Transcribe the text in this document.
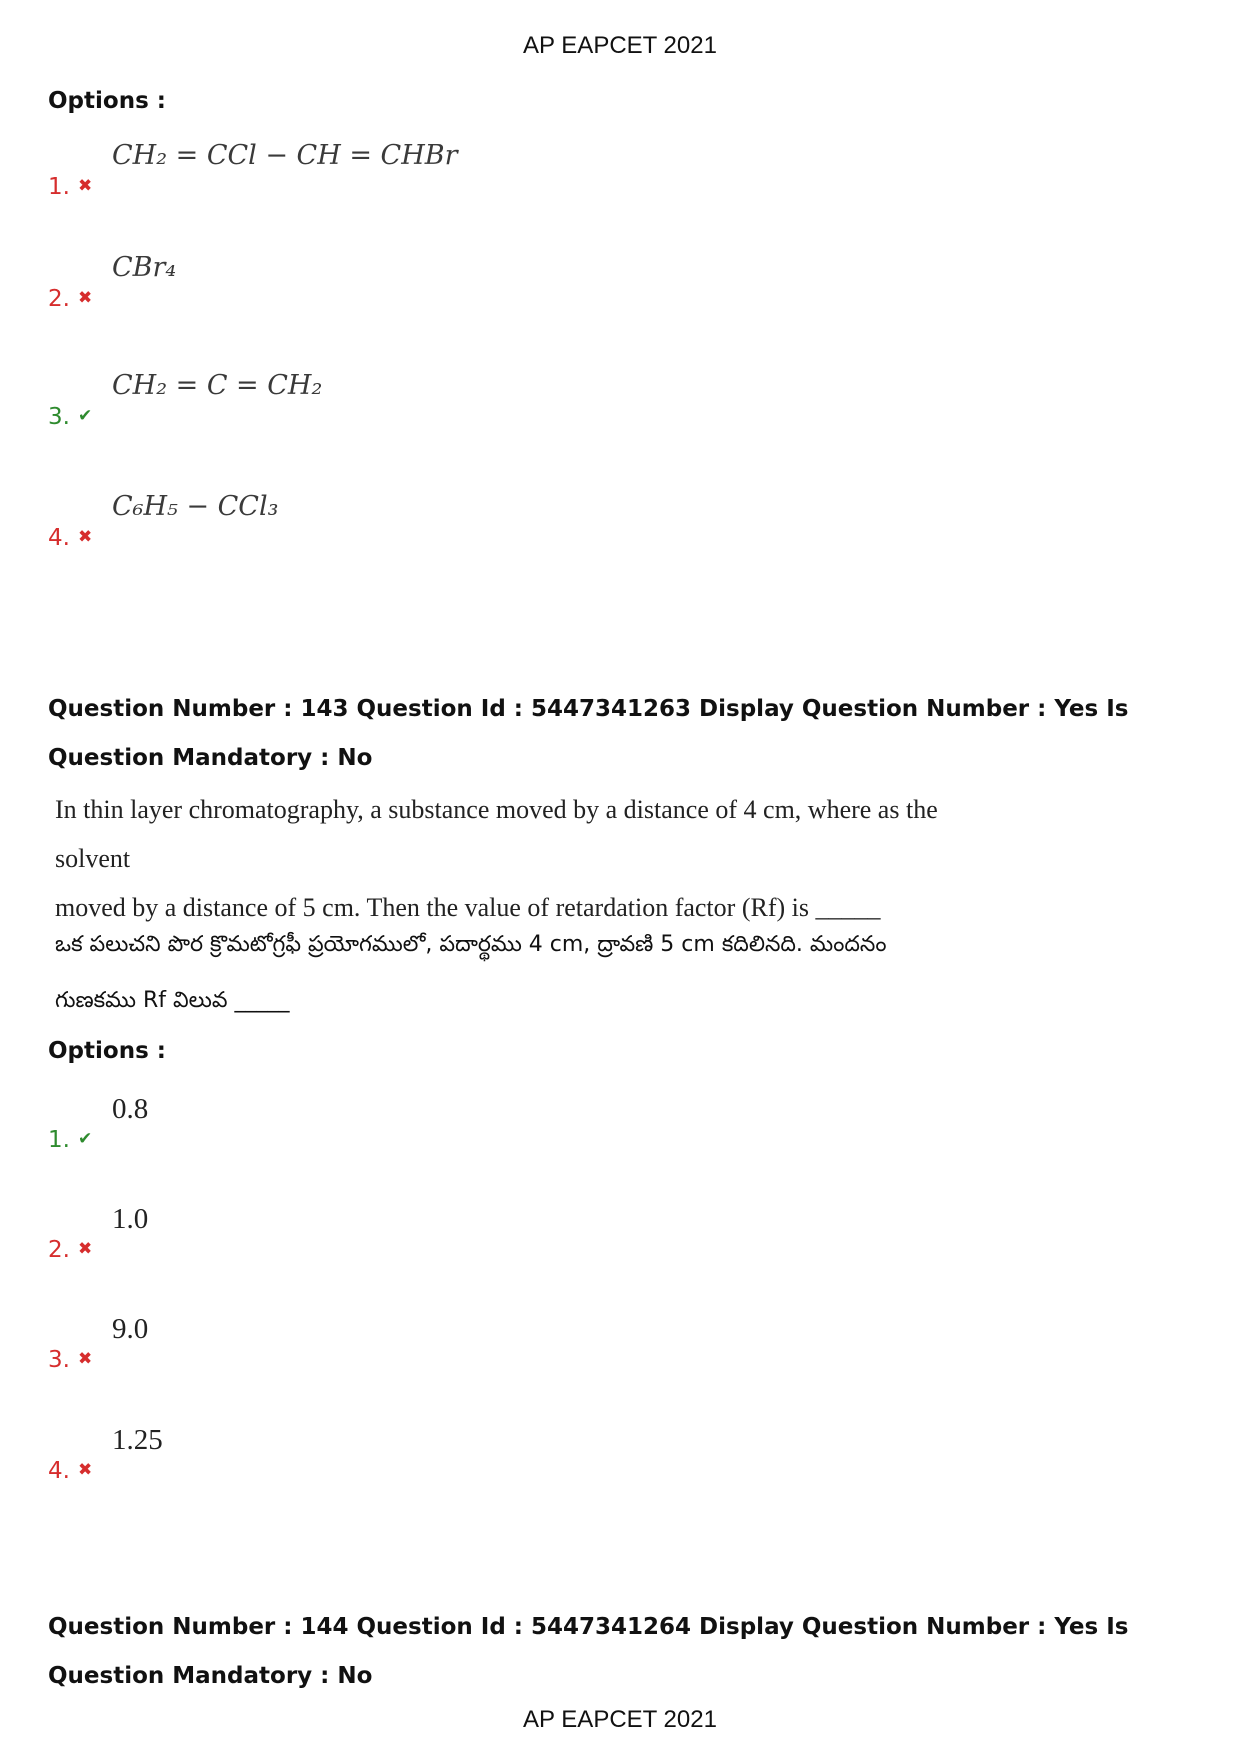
AP EAPCET 2021
Options :
1. ✖
CH₂ = CCl − CH = CHBr
2. ✖
CBr₄
3. ✔
CH₂ = C = CH₂
4. ✖
C₆H₅ − CCl₃
Question Number : 143 Question Id : 5447341263 Display Question Number : Yes Is Question Mandatory : No
In thin layer chromatography, a substance moved by a distance of 4 cm, where as the solvent
moved by a distance of 5 cm. Then the value of retardation factor (Rf) is _____
ఒక పలుచని పొర క్రొమటోగ్రఫీ ప్రయోగములో, పదార్థము 4 cm, ద్రావణి 5 cm కదిలినది. మందనం
గుణకము Rf విలువ _____
Options :
1. ✔
0.8
2. ✖
1.0
3. ✖
9.0
4. ✖
1.25
Question Number : 144 Question Id : 5447341264 Display Question Number : Yes Is Question Mandatory : No
AP EAPCET 2021
